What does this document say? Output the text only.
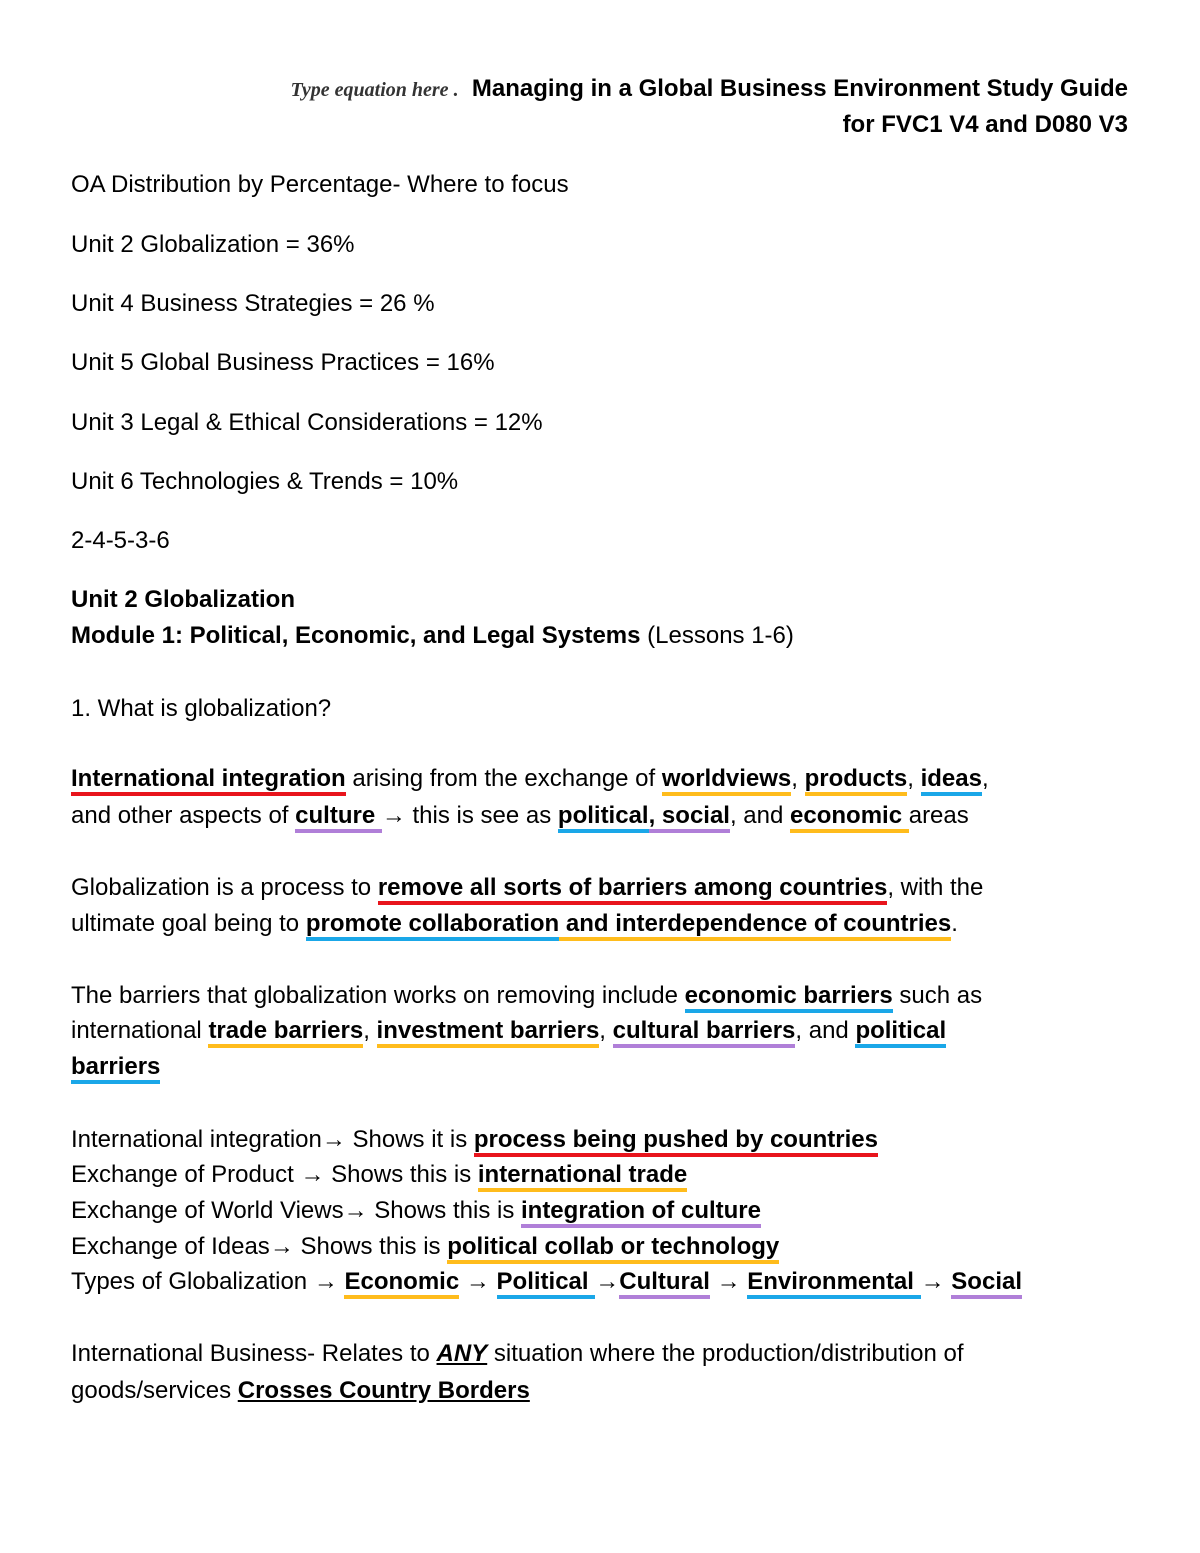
Type equation here . Managing in a Global Business Environment Study Guide
for FVC1 V4 and D080 V3
OA Distribution by Percentage- Where to focus
Unit 2 Globalization = 36%
Unit 4 Business Strategies = 26 %
Unit 5 Global Business Practices = 16%
Unit 3 Legal & Ethical Considerations = 12%
Unit 6 Technologies & Trends = 10%
2-4-5-3-6
Unit 2 Globalization
Module 1: Political, Economic, and Legal Systems (Lessons 1-6)
1. What is globalization?
International integration arising from the exchange of worldviews, products, ideas,
and other aspects of culture → this is see as political, social, and economic areas
Globalization is a process to remove all sorts of barriers among countries, with the
ultimate goal being to promote collaboration and interdependence of countries.
The barriers that globalization works on removing include economic barriers such as
international trade barriers, investment barriers, cultural barriers, and political
barriers
International integration→ Shows it is process being pushed by countries
Exchange of Product → Shows this is international trade
Exchange of World Views→ Shows this is integration of culture
Exchange of Ideas→ Shows this is political collab or technology
Types of Globalization → Economic → Political →Cultural → Environmental → Social
International Business- Relates to ANY situation where the production/distribution of
goods/services Crosses Country Borders
